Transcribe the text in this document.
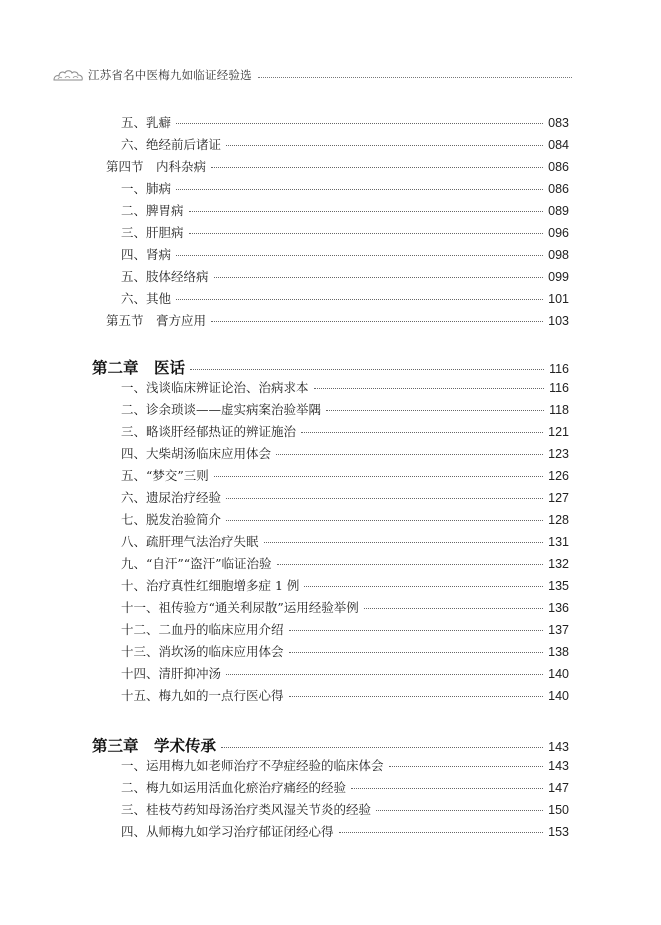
江苏省名中医梅九如临证经验选
五、乳癖	083
六、绝经前后诸证	084
第四节　内科杂病	086
一、肺病	086
二、脾胃病	089
三、肝胆病	096
四、肾病	098
五、肢体经络病	099
六、其他	101
第五节　膏方应用	103
第二章　医话	116
一、浅谈临床辨证论治、治病求本	116
二、诊余琐谈——虚实病案治验举隅	118
三、略谈肝经郁热证的辨证施治	121
四、大柴胡汤临床应用体会	123
五、“梦交”三则	126
六、遗尿治疗经验	127
七、脱发治验简介	128
八、疏肝理气法治疗失眠	131
九、“自汗”“盗汗”临证治验	132
十、治疗真性红细胞增多症 1 例	135
十一、祖传验方“通关利尿散”运用经验举例	136
十二、二血丹的临床应用介绍	137
十三、消坎汤的临床应用体会	138
十四、清肝抑冲汤	140
十五、梅九如的一点行医心得	140
第三章　学术传承	143
一、运用梅九如老师治疗不孕症经验的临床体会	143
二、梅九如运用活血化瘀治疗痛经的经验	147
三、桂枝芍药知母汤治疗类风湿关节炎的经验	150
四、从师梅九如学习治疗郁证闭经心得	153
